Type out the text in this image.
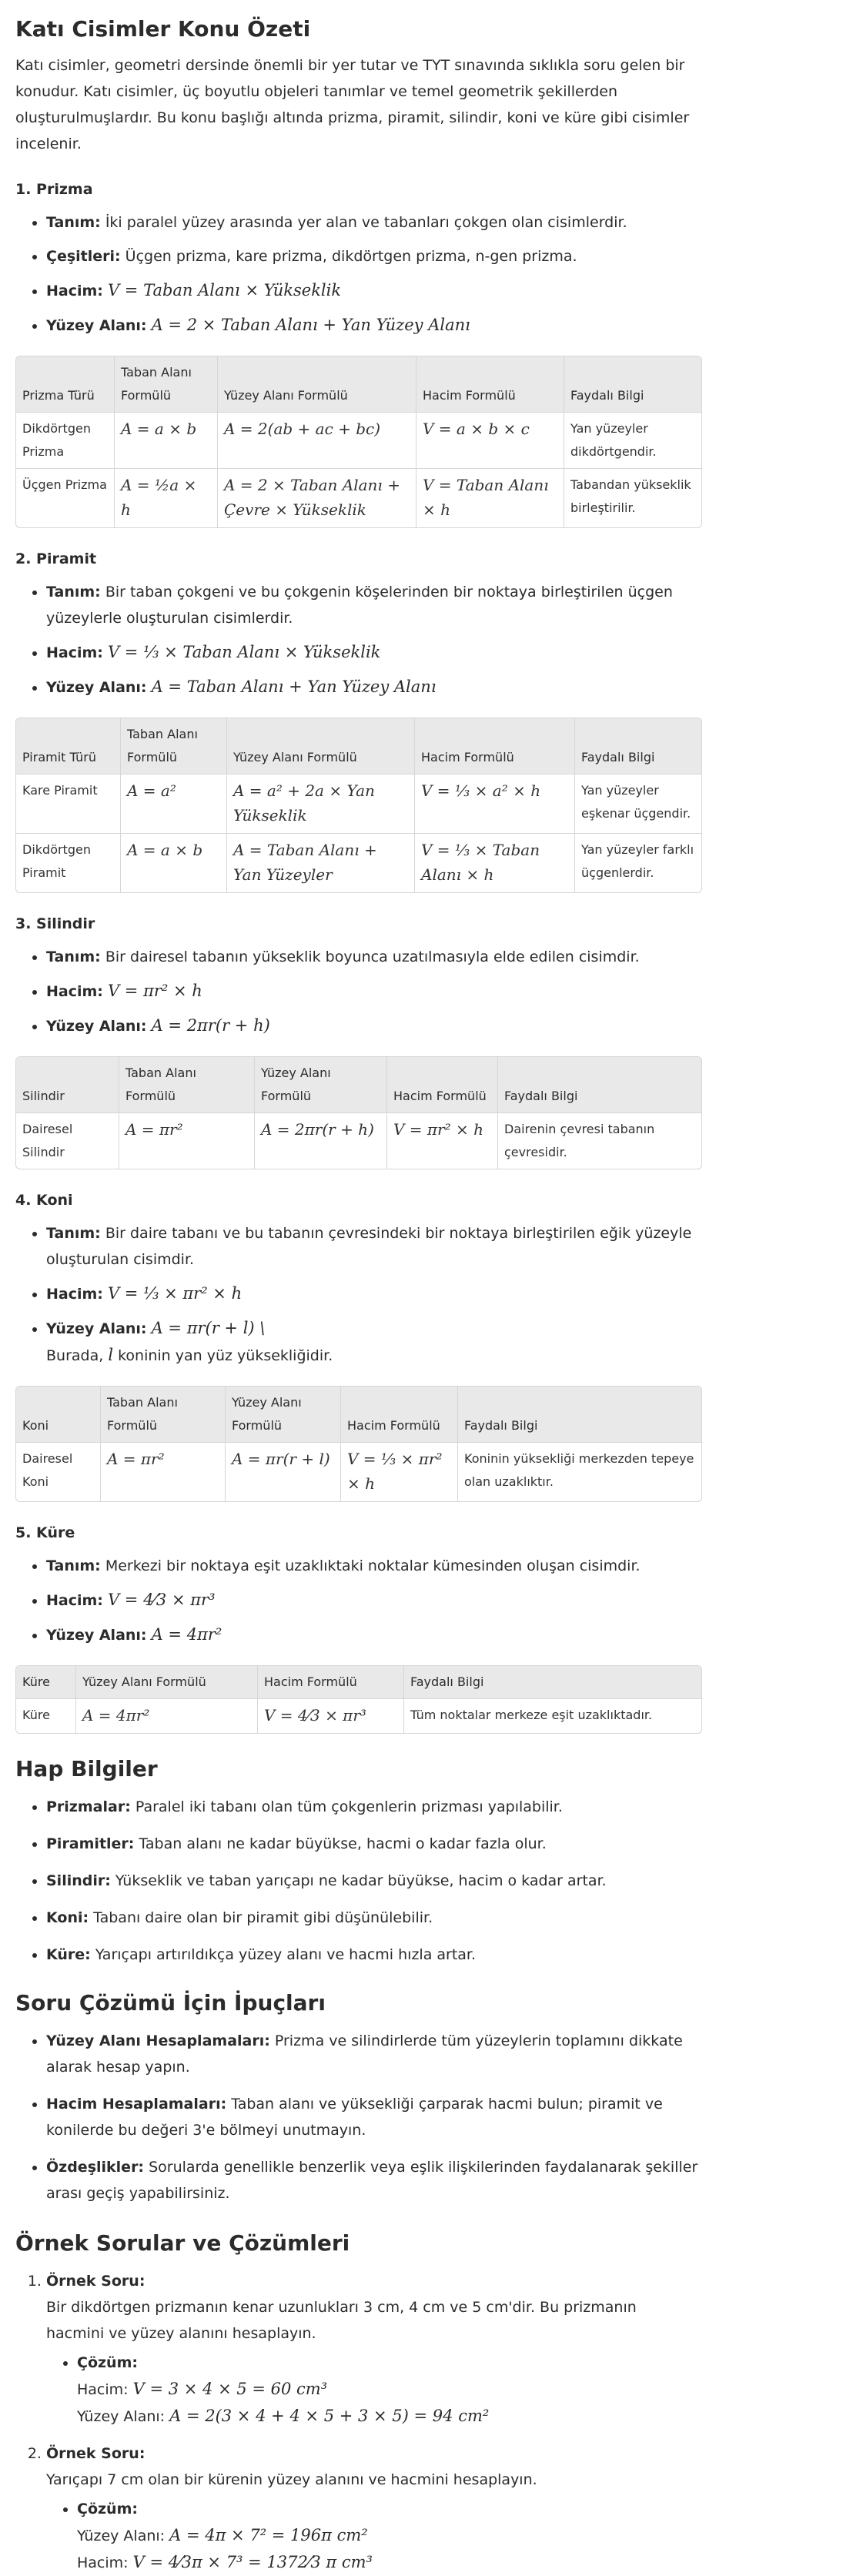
Katı Cisimler Konu Özeti

Katı cisimler, geometri dersinde önemli bir yer tutar ve TYT sınavında sıklıkla soru gelen bir konudur. Katı cisimler, üç boyutlu objeleri tanımlar ve temel geometrik şekillerden oluşturulmuşlardır. Bu konu başlığı altında prizma, piramit, silindir, koni ve küre gibi cisimler incelenir.

1. Prizma
• Tanım: İki paralel yüzey arasında yer alan ve tabanları çokgen olan cisimlerdir.
• Çeşitleri: Üçgen prizma, kare prizma, dikdörtgen prizma, n-gen prizma.
• Hacim: V = Taban Alanı × Yükseklik
• Yüzey Alanı: A = 2 × Taban Alanı + Yan Yüzey Alanı
Prizma Türü	Taban Alanı Formülü	Yüzey Alanı Formülü	Hacim Formülü	Faydalı Bilgi
Dikdörtgen Prizma	A = a × b	A = 2(ab + ac + bc)	V = a × b × c	Yan yüzeyler dikdörtgendir.
Üçgen Prizma	A = ½a × h	A = 2 × Taban Alanı + Çevre × Yükseklik	V = Taban Alanı × h	Tabandan yükseklik birleştirilir.
2. Piramit
• Tanım: Bir taban çokgeni ve bu çokgenin köşelerinden bir noktaya birleştirilen üçgen yüzeylerle oluşturulan cisimlerdir.
• Hacim: V = ⅓ × Taban Alanı × Yükseklik
• Yüzey Alanı: A = Taban Alanı + Yan Yüzey Alanı
Piramit Türü	Taban Alanı Formülü	Yüzey Alanı Formülü	Hacim Formülü	Faydalı Bilgi
Kare Piramit	A = a²	A = a² + 2a × Yan Yükseklik	V = ⅓ × a² × h	Yan yüzeyler eşkenar üçgendir.
Dikdörtgen Piramit	A = a × b	A = Taban Alanı + Yan Yüzeyler	V = ⅓ × Taban Alanı × h	Yan yüzeyler farklı üçgenlerdir.
3. Silindir
• Tanım: Bir dairesel tabanın yükseklik boyunca uzatılmasıyla elde edilen cisimdir.
• Hacim: V = πr² × h
• Yüzey Alanı: A = 2πr(r + h)
Silindir	Taban Alanı Formülü	Yüzey Alanı Formülü	Hacim Formülü	Faydalı Bilgi
Dairesel Silindir	A = πr²	A = 2πr(r + h)	V = πr² × h	Dairenin çevresi tabanın çevresidir.
4. Koni
• Tanım: Bir daire tabanı ve bu tabanın çevresindeki bir noktaya birleştirilen eğik yüzeyle oluşturulan cisimdir.
• Hacim: V = ⅓ × πr² × h
• Yüzey Alanı: A = πr(r + l) \
Burada, l koninin yan yüz yüksekliğidir.
Koni	Taban Alanı Formülü	Yüzey Alanı Formülü	Hacim Formülü	Faydalı Bilgi
Dairesel Koni	A = πr²	A = πr(r + l)	V = ⅓ × πr² × h	Koninin yüksekliği merkezden tepeye olan uzaklıktır.
5. Küre
• Tanım: Merkezi bir noktaya eşit uzaklıktaki noktalar kümesinden oluşan cisimdir.
• Hacim: V = 4⁄3 × πr³
• Yüzey Alanı: A = 4πr²
Küre	Yüzey Alanı Formülü	Hacim Formülü	Faydalı Bilgi
Küre	A = 4πr²	V = 4⁄3 × πr³	Tüm noktalar merkeze eşit uzaklıktadır.
Hap Bilgiler
• Prizmalar: Paralel iki tabanı olan tüm çokgenlerin prizması yapılabilir.
• Piramitler: Taban alanı ne kadar büyükse, hacmi o kadar fazla olur.
• Silindir: Yükseklik ve taban yarıçapı ne kadar büyükse, hacim o kadar artar.
• Koni: Tabanı daire olan bir piramit gibi düşünülebilir.
• Küre: Yarıçapı artırıldıkça yüzey alanı ve hacmi hızla artar.
Soru Çözümü İçin İpuçları
• Yüzey Alanı Hesaplamaları: Prizma ve silindirlerde tüm yüzeylerin toplamını dikkate alarak hesap yapın.
• Hacim Hesaplamaları: Taban alanı ve yüksekliği çarparak hacmi bulun; piramit ve konilerde bu değeri 3'e bölmeyi unutmayın.
• Özdeşlikler: Sorularda genellikle benzerlik veya eşlik ilişkilerinden faydalanarak şekiller arası geçiş yapabilirsiniz.
Örnek Sorular ve Çözümleri
1. Örnek Soru:
Bir dikdörtgen prizmanın kenar uzunlukları 3 cm, 4 cm ve 5 cm'dir. Bu prizmanın hacmini ve yüzey alanını hesaplayın.
• Çözüm:
Hacim: V = 3 × 4 × 5 = 60 cm³
Yüzey Alanı: A = 2(3 × 4 + 4 × 5 + 3 × 5) = 94 cm²
2. Örnek Soru:
Yarıçapı 7 cm olan bir kürenin yüzey alanını ve hacmini hesaplayın.
• Çözüm:
Yüzey Alanı: A = 4π × 7² = 196π cm²
Hacim: V = 4⁄3π × 7³ = 1372⁄3 π cm³
